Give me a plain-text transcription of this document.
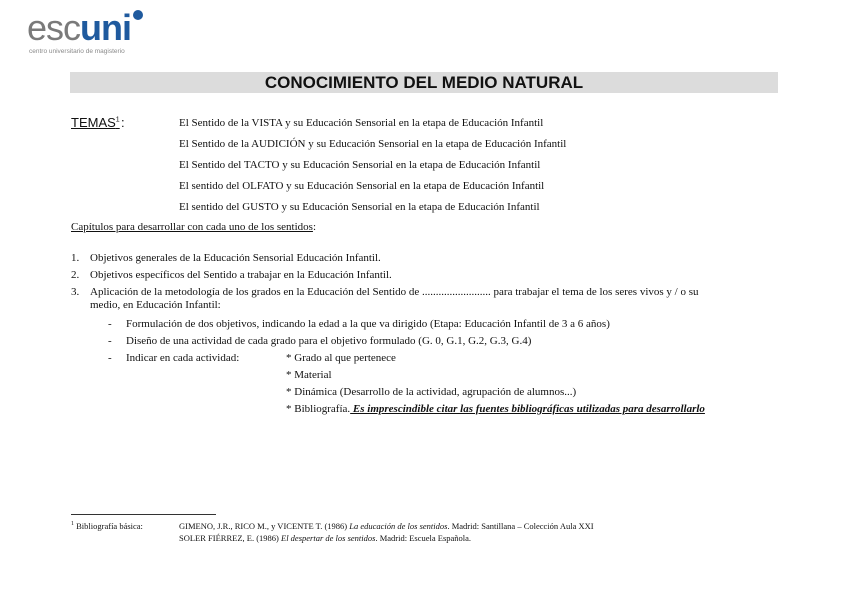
escuni
centro universitario de magisterio
CONOCIMIENTO DEL MEDIO NATURAL
TEMAS$^1$ :	El Sentido de la VISTA y su Educación Sensorial en la etapa de Educación Infantil
El Sentido de la AUDICIÓN y su Educación Sensorial en la etapa de Educación Infantil
El Sentido del TACTO y su Educación Sensorial en la etapa de Educación Infantil
El sentido del OLFATO y su Educación Sensorial en la etapa de Educación Infantil
El sentido del GUSTO y su Educación Sensorial en la etapa de Educación Infantil
Capítulos para desarrollar con cada uno de los sentidos:
1. Objetivos generales de la Educación Sensorial Educación Infantil.
2. Objetivos específicos del Sentido a trabajar en la Educación Infantil.
3. Aplicación de la metodología de los grados en la Educación del Sentido de ......................... para trabajar el tema de los seres vivos y / o su
medio, en Educación Infantil:
- Formulación de dos objetivos, indicando la edad a la que va dirigido (Etapa: Educación Infantil de 3 a 6 años)
- Diseño de una actividad de cada grado para el objetivo formulado (G. 0, G.1, G.2, G.3, G.4)
- Indicar en cada actividad:	* Grado al que pertenece
* Material
* Dinámica (Desarrollo de la actividad, agrupación de alumnos...)
* Bibliografía. Es imprescindible citar las fuentes bibliográficas utilizadas para desarrollarlo
$^1$ Bibliografía básica:	GIMENO, J.R., RICO M., y VICENTE T. (1986) La educación de los sentidos. Madrid: Santillana – Colección Aula XXI
SOLER FIÉRREZ, E. (1986) El despertar de los sentidos. Madrid: Escuela Española.
